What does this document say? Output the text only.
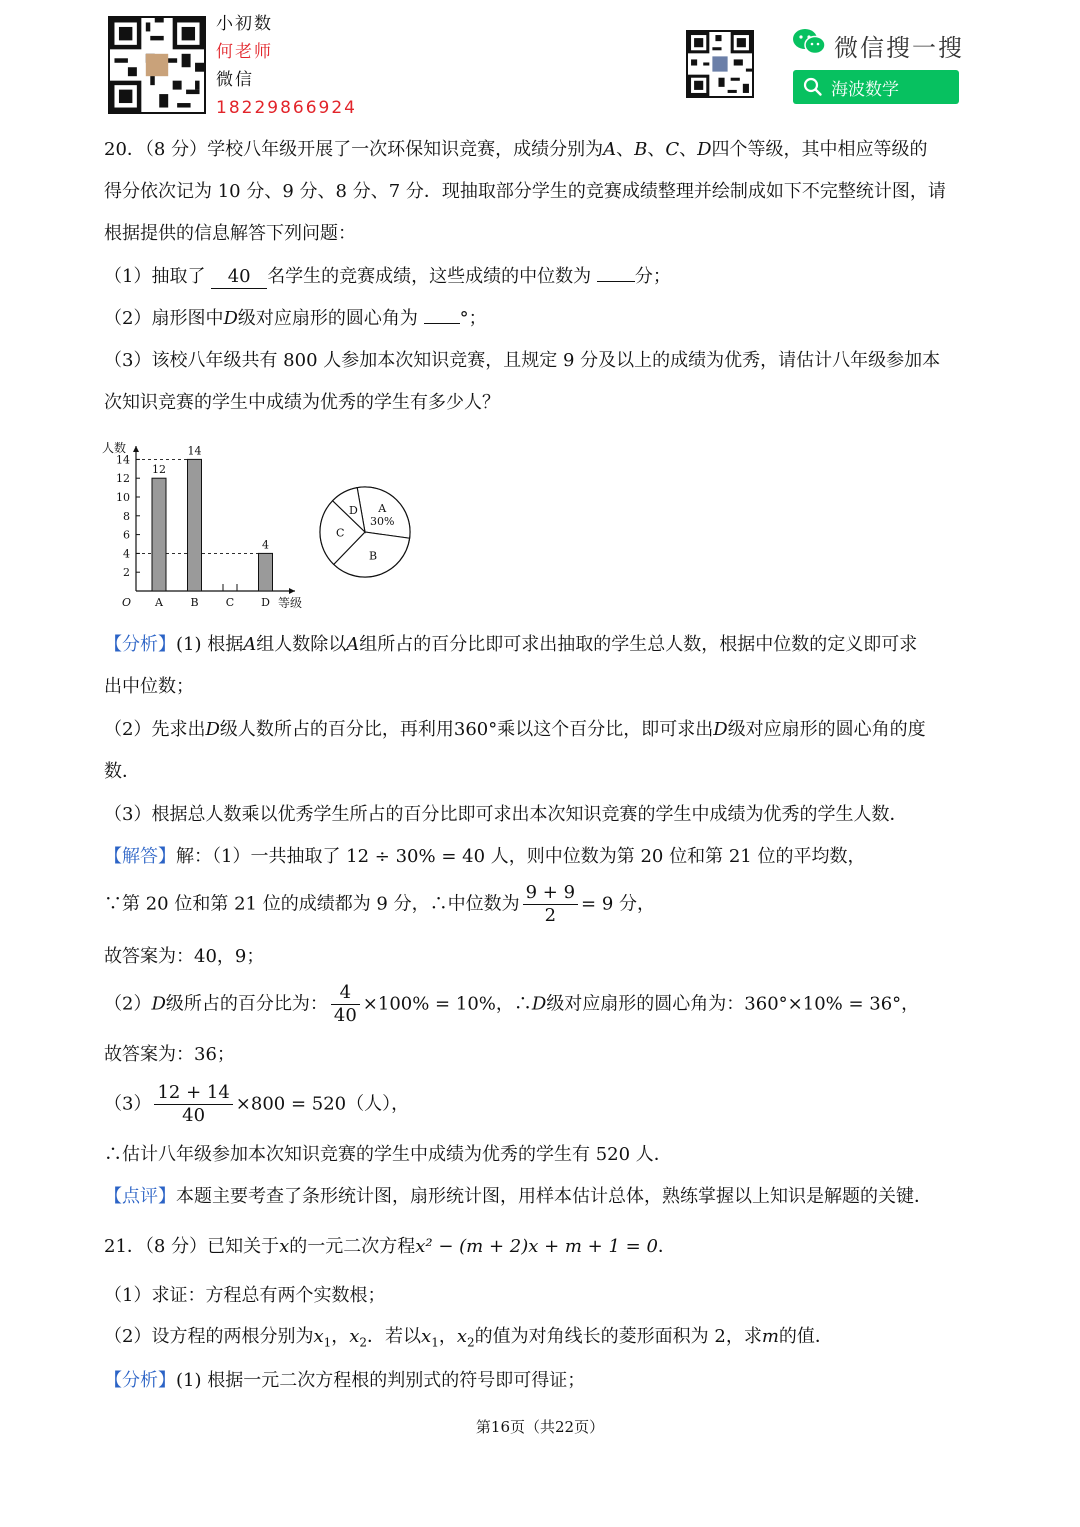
小初数
何老师
微信
18229866924
微信搜一搜
海波数学
20．（8 分）学校八年级开展了一次环保知识竞赛，成绩分别为A、B、C、D四个等级，其中相应等级的
得分依次记为 10 分、9 分、8 分、7 分．现抽取部分学生的竞赛成绩整理并绘制成如下不完整统计图，请
根据提供的信息解答下列问题：
（1）抽取了 40 名学生的竞赛成绩，这些成绩的中位数为 分；
（2）扇形图中D级对应扇形的圆心角为 °；
（3）该校八年级共有 800 人参加本次知识竞赛，且规定 9 分及以上的成绩为优秀，请估计八年级参加本
次知识竞赛的学生中成绩为优秀的学生有多少人？
人数
等级
O
2
4
6
8
10
12
14
12
A
14
B C
4
D
A
30%
B
C
D
【分析】(1) 根据A组人数除以A组所占的百分比即可求出抽取的学生总人数，根据中位数的定义即可求
出中位数；
（2）先求出D级人数所占的百分比，再利用360°乘以这个百分比，即可求出D级对应扇形的圆心角的度
数．
（3）根据总人数乘以优秀学生所占的百分比即可求出本次知识竞赛的学生中成绩为优秀的学生人数．
【解答】解：（1）一共抽取了 12 ÷ 30% = 40 人，则中位数为第 20 位和第 21 位的平均数，
∵第 20 位和第 21 位的成绩都为 9 分，∴中位数为 $\frac{9 + 9}{2} = 9$ 分，
故答案为：40，9；
（2）D级所占的百分比为： $\frac{4}{40} \times 100\% = 10\%$，∴D级对应扇形的圆心角为：360°×10% = 36°，
故答案为：36；
$(3) \frac{12 + 14}{40} \times 800 = 520$（人），
∴估计八年级参加本次知识竞赛的学生中成绩为优秀的学生有 520 人．
【点评】本题主要考查了条形统计图，扇形统计图，用样本估计总体，熟练掌握以上知识是解题的关键．
21．（8 分）已知关于x的一元二次方程x² − (m + 2)x + m + 1 = 0．
（1）求证：方程总有两个实数根；
（2）设方程的两根分别为$x_1$，$x_2$．若以$x_1$，$x_2$的值为对角线长的菱形面积为 2，求m的值．
【分析】(1) 根据一元二次方程根的判别式的符号即可得证；
第16页（共22页）
